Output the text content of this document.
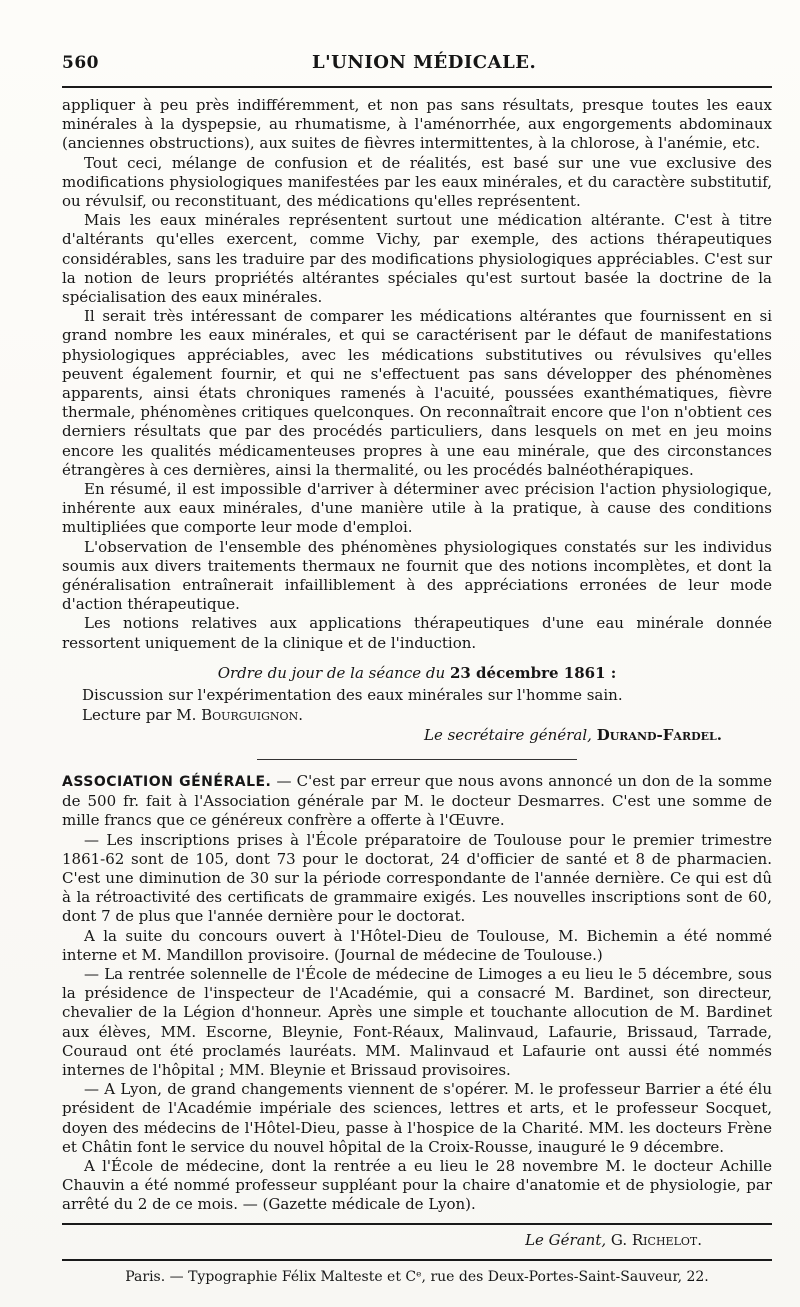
560	L'UNION MÉDICALE.

appliquer à peu près indifféremment, et non pas sans résultats, presque toutes les eaux minérales à la dyspepsie, au rhumatisme, à l'aménorrhée, aux engorgements abdominaux (anciennes obstructions), aux suites de fièvres intermittentes, à la chlorose, à l'anémie, etc.

Tout ceci, mélange de confusion et de réalités, est basé sur une vue exclusive des modifications physiologiques manifestées par les eaux minérales, et du caractère substitutif, ou révulsif, ou reconstituant, des médications qu'elles représentent.

Mais les eaux minérales représentent surtout une médication altérante. C'est à titre d'altérants qu'elles exercent, comme Vichy, par exemple, des actions thérapeutiques considérables, sans les traduire par des modifications physiologiques appréciables. C'est sur la notion de leurs propriétés altérantes spéciales qu'est surtout basée la doctrine de la spécialisation des eaux minérales.

Il serait très intéressant de comparer les médications altérantes que fournissent en si grand nombre les eaux minérales, et qui se caractérisent par le défaut de manifestations physiologiques appréciables, avec les médications substitutives ou révulsives qu'elles peuvent également fournir, et qui ne s'effectuent pas sans développer des phénomènes apparents, ainsi états chroniques ramenés à l'acuité, poussées exanthématiques, fièvre thermale, phénomènes critiques quelconques. On reconnaîtrait encore que l'on n'obtient ces derniers résultats que par des procédés particuliers, dans lesquels on met en jeu moins encore les qualités médicamenteuses propres à une eau minérale, que des circonstances étrangères à ces dernières, ainsi la thermalité, ou les procédés balnéothérapiques.

En résumé, il est impossible d'arriver à déterminer avec précision l'action physiologique, inhérente aux eaux minérales, d'une manière utile à la pratique, à cause des conditions multipliées que comporte leur mode d'emploi.

L'observation de l'ensemble des phénomènes physiologiques constatés sur les individus soumis aux divers traitements thermaux ne fournit que des notions incomplètes, et dont la généralisation entraînerait infailliblement à des appréciations erronées de leur mode d'action thérapeutique.

Les notions relatives aux applications thérapeutiques d'une eau minérale donnée ressortent uniquement de la clinique et de l'induction.

Ordre du jour de la séance du 23 décembre 1861 :
Discussion sur l'expérimentation des eaux minérales sur l'homme sain.
Lecture par M. Bourguignon.
Le secrétaire général, Durand-Fardel.

ASSOCIATION GÉNÉRALE. — C'est par erreur que nous avons annoncé un don de la somme de 500 fr. fait à l'Association générale par M. le docteur Desmarres. C'est une somme de mille francs que ce généreux confrère a offerte à l'Œuvre.

— Les inscriptions prises à l'École préparatoire de Toulouse pour le premier trimestre 1861-62 sont de 105, dont 73 pour le doctorat, 24 d'officier de santé et 8 de pharmacien. C'est une diminution de 30 sur la période correspondante de l'année dernière. Ce qui est dû à la rétroactivité des certificats de grammaire exigés. Les nouvelles inscriptions sont de 60, dont 7 de plus que l'année dernière pour le doctorat.

A la suite du concours ouvert à l'Hôtel-Dieu de Toulouse, M. Bichemin a été nommé interne et M. Mandillon provisoire. (Journal de médecine de Toulouse.)

— La rentrée solennelle de l'École de médecine de Limoges a eu lieu le 5 décembre, sous la présidence de l'inspecteur de l'Académie, qui a consacré M. Bardinet, son directeur, chevalier de la Légion d'honneur. Après une simple et touchante allocution de M. Bardinet aux élèves, MM. Escorne, Bleynie, Font-Réaux, Malinvaud, Lafaurie, Brissaud, Tarrade, Couraud ont été proclamés lauréats. MM. Malinvaud et Lafaurie ont aussi été nommés internes de l'hôpital ; MM. Bleynie et Brissaud provisoires.

— A Lyon, de grand changements viennent de s'opérer. M. le professeur Barrier a été élu président de l'Académie impériale des sciences, lettres et arts, et le professeur Socquet, doyen des médecins de l'Hôtel-Dieu, passe à l'hospice de la Charité. MM. les docteurs Frène et Châtin font le service du nouvel hôpital de la Croix-Rousse, inauguré le 9 décembre.

A l'École de médecine, dont la rentrée a eu lieu le 28 novembre M. le docteur Achille Chauvin a été nommé professeur suppléant pour la chaire d'anatomie et de physiologie, par arrêté du 2 de ce mois. — (Gazette médicale de Lyon).

Le Gérant, G. Richelot.
Paris. — Typographie Félix Malteste et Cᵉ, rue des Deux-Portes-Saint-Sauveur, 22.
